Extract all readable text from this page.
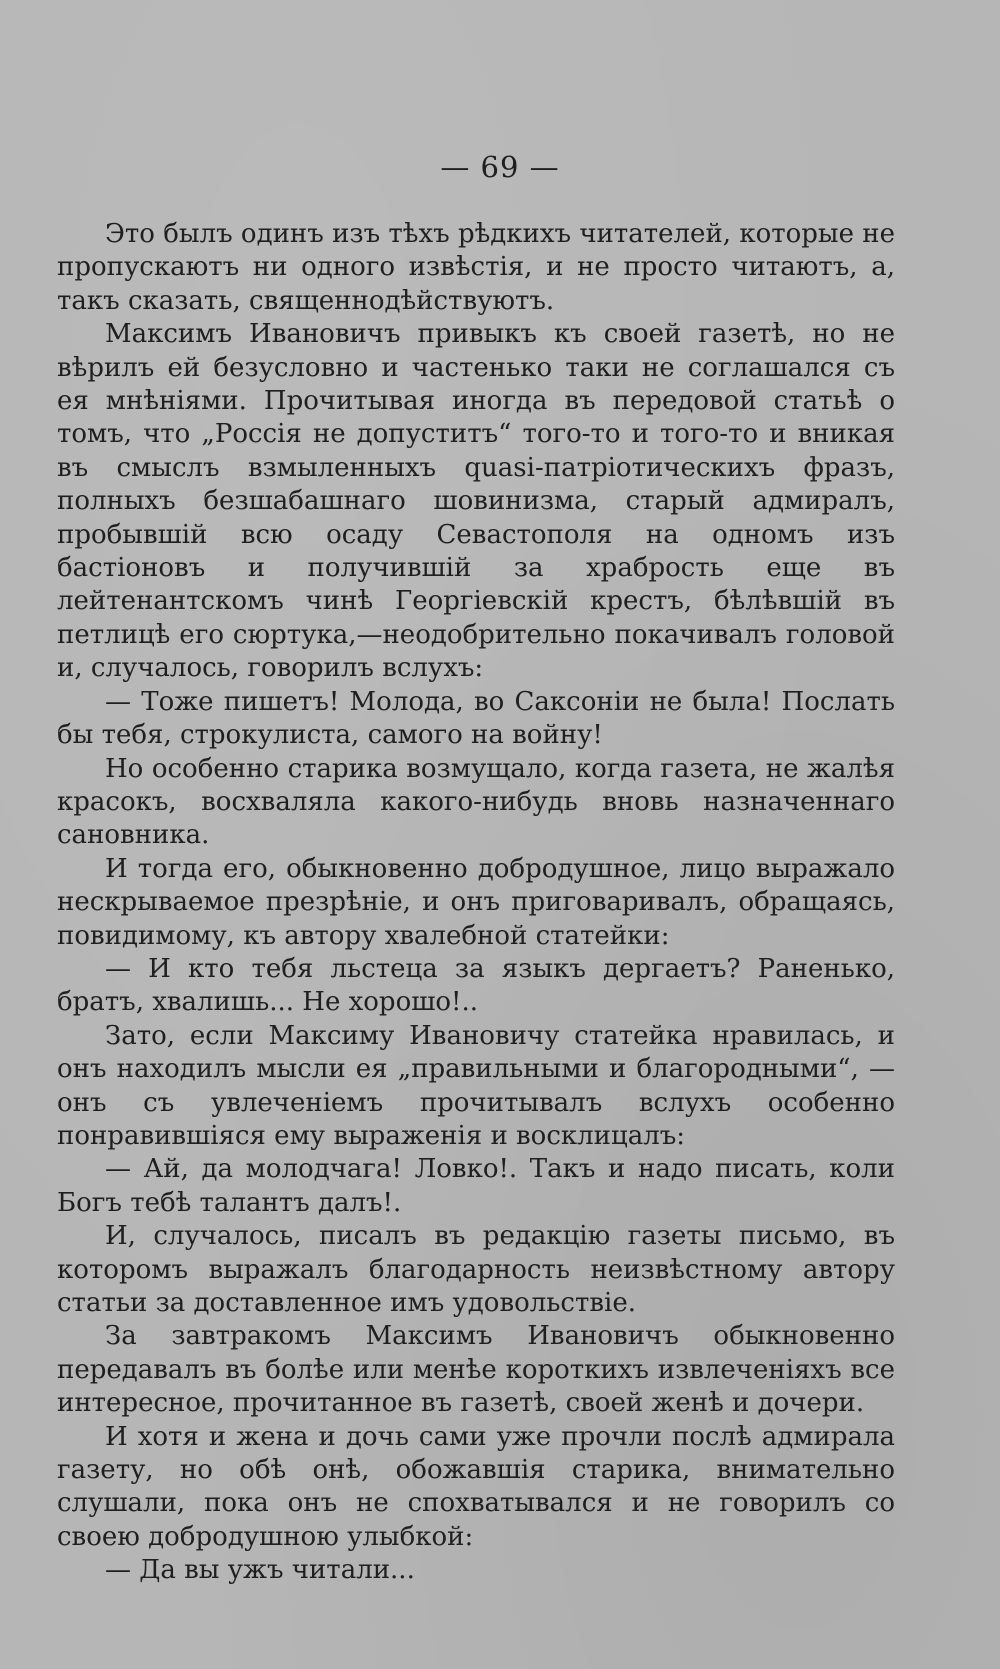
— 69 —

Это былъ одинъ изъ тѣхъ рѣдкихъ читателей, которые не пропускаютъ ни одного извѣстія, и не просто читаютъ, а, такъ сказать, священнодѣйствуютъ.

Максимъ Ивановичъ привыкъ къ своей газетѣ, но не вѣрилъ ей безусловно и частенько таки не соглашался съ ея мнѣніями. Прочитывая иногда въ передовой статьѣ о томъ, что „Россія не допуститъ“ того-то и того-то и вникая въ смыслъ взмыленныхъ quasi-патріотическихъ фразъ, полныхъ безшабашнаго шовинизма, старый адмиралъ, пробывшій всю осаду Севастополя на одномъ изъ бастіоновъ и получившій за храбрость еще въ лейтенантскомъ чинѣ Георгіевскій крестъ, бѣлѣвшій въ петлицѣ его сюртука,—неодобрительно покачивалъ головой и, случалось, говорилъ вслухъ:

— Тоже пишетъ! Молода, во Саксоніи не была! Послать бы тебя, строкулиста, самого на войну!

Но особенно старика возмущало, когда газета, не жалѣя красокъ, восхваляла какого-нибудь вновь назначеннаго сановника.

И тогда его, обыкновенно добродушное, лицо выражало нескрываемое презрѣніе, и онъ приговаривалъ, обращаясь, повидимому, къ автору хвалебной статейки:

— И кто тебя льстеца за языкъ дергаетъ? Раненько, братъ, хвалишь... Не хорошо!..

Зато, если Максиму Ивановичу статейка нравилась, и онъ находилъ мысли ея „правильными и благородными“, — онъ съ увлеченіемъ прочитывалъ вслухъ особенно понравившіяся ему выраженія и восклицалъ:

— Ай, да молодчага! Ловко!. Такъ и надо писать, коли Богъ тебѣ талантъ далъ!.

И, случалось, писалъ въ редакцію газеты письмо, въ которомъ выражалъ благодарность неизвѣстному автору статьи за доставленное имъ удовольствіе.

За завтракомъ Максимъ Ивановичъ обыкновенно передавалъ въ болѣе или менѣе короткихъ извлеченіяхъ все интересное, прочитанное въ газетѣ, своей женѣ и дочери.

И хотя и жена и дочь сами уже прочли послѣ адмирала газету, но обѣ онѣ, обожавшія старика, внимательно слушали, пока онъ не спохватывался и не говорилъ со своею добродушною улыбкой:

— Да вы ужъ читали...
